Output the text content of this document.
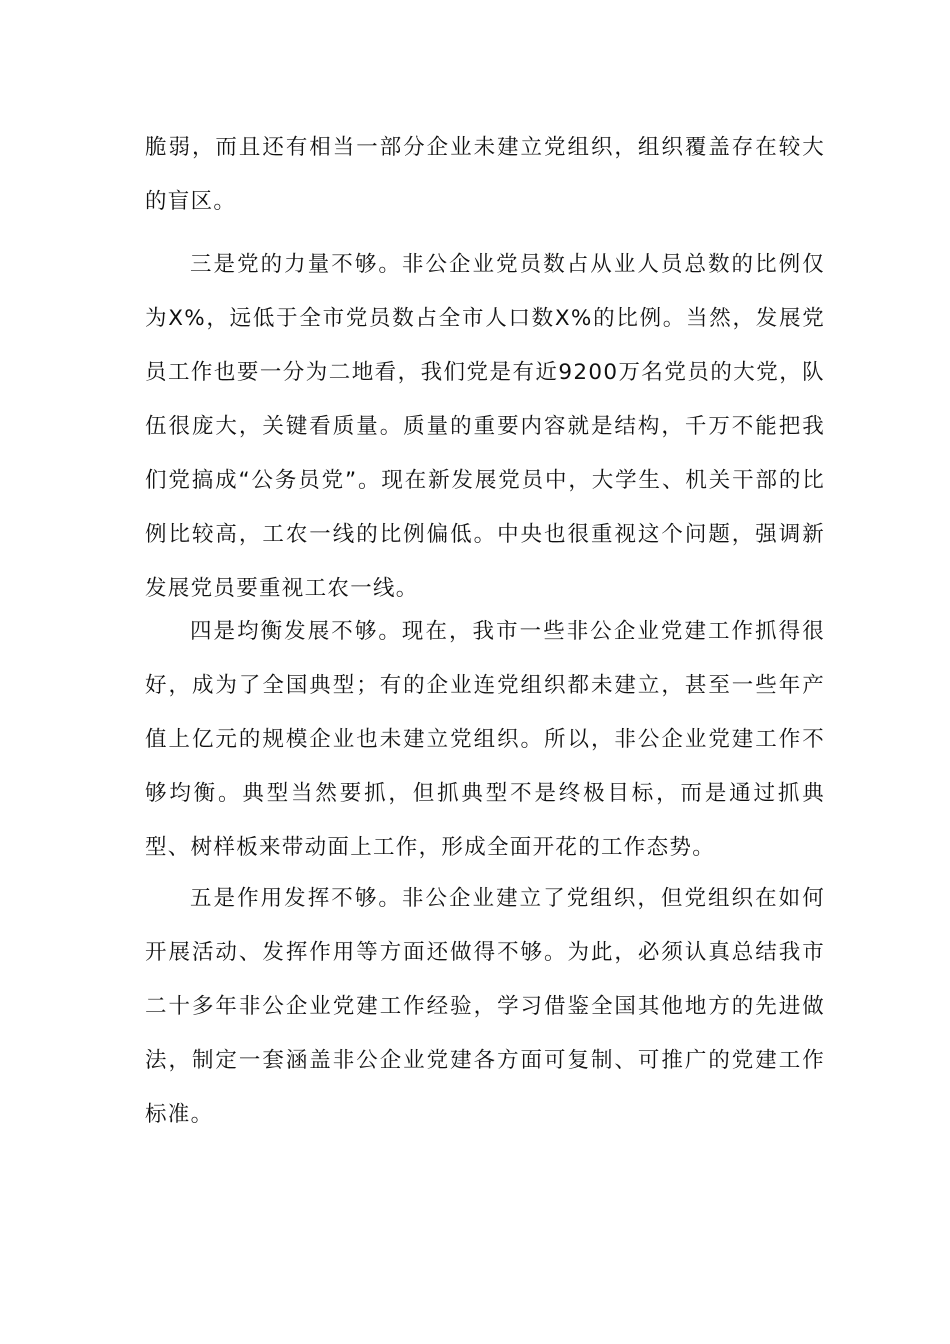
脆弱，而且还有相当一部分企业未建立党组织，组织覆盖存在较大的盲区。

三是党的力量不够。非公企业党员数占从业人员总数的比例仅为X%，远低于全市党员数占全市人口数X%的比例。当然，发展党员工作也要一分为二地看，我们党是有近9200万名党员的大党，队伍很庞大，关键看质量。质量的重要内容就是结构，千万不能把我们党搞成“公务员党”。现在新发展党员中，大学生、机关干部的比例比较高，工农一线的比例偏低。中央也很重视这个问题，强调新发展党员要重视工农一线。

四是均衡发展不够。现在，我市一些非公企业党建工作抓得很好，成为了全国典型；有的企业连党组织都未建立，甚至一些年产值上亿元的规模企业也未建立党组织。所以，非公企业党建工作不够均衡。典型当然要抓，但抓典型不是终极目标，而是通过抓典型、树样板来带动面上工作，形成全面开花的工作态势。

五是作用发挥不够。非公企业建立了党组织，但党组织在如何开展活动、发挥作用等方面还做得不够。为此，必须认真总结我市二十多年非公企业党建工作经验，学习借鉴全国其他地方的先进做法，制定一套涵盖非公企业党建各方面可复制、可推广的党建工作标准。
